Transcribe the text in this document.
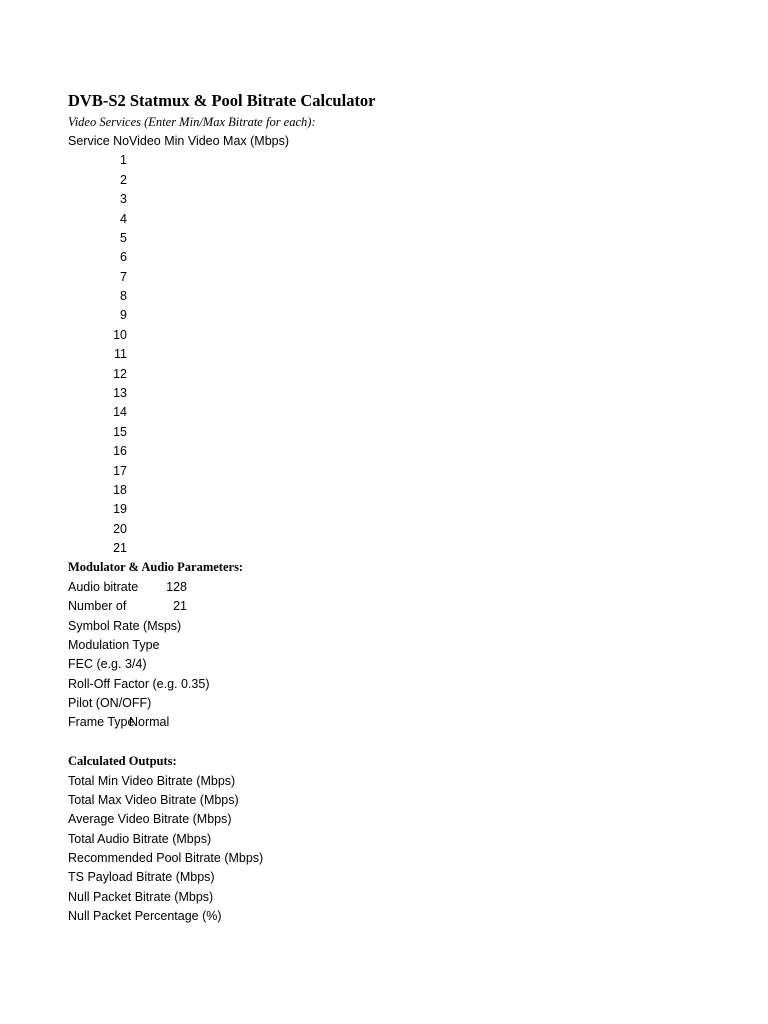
DVB-S2 Statmux & Pool Bitrate Calculator
Video Services (Enter Min/Max Bitrate for each):
Service No Video Min Video Max (Mbps)
1
2
3
4
5
6
7
8
9
10
11
12
13
14
15
16
17
18
19
20
21
Modulator & Audio Parameters:
Audio bitrate	128
Number of	21
Symbol Rate (Msps)
Modulation Type
FEC (e.g. 3/4)
Roll-Off Factor (e.g. 0.35)
Pilot (ON/OFF)
Frame Type
Normal
Calculated Outputs:
Total Min Video Bitrate (Mbps)
Total Max Video Bitrate (Mbps)
Average Video Bitrate (Mbps)
Total Audio Bitrate (Mbps)
Recommended Pool Bitrate (Mbps)
TS Payload Bitrate (Mbps)
Null Packet Bitrate (Mbps)
Null Packet Percentage (%)
